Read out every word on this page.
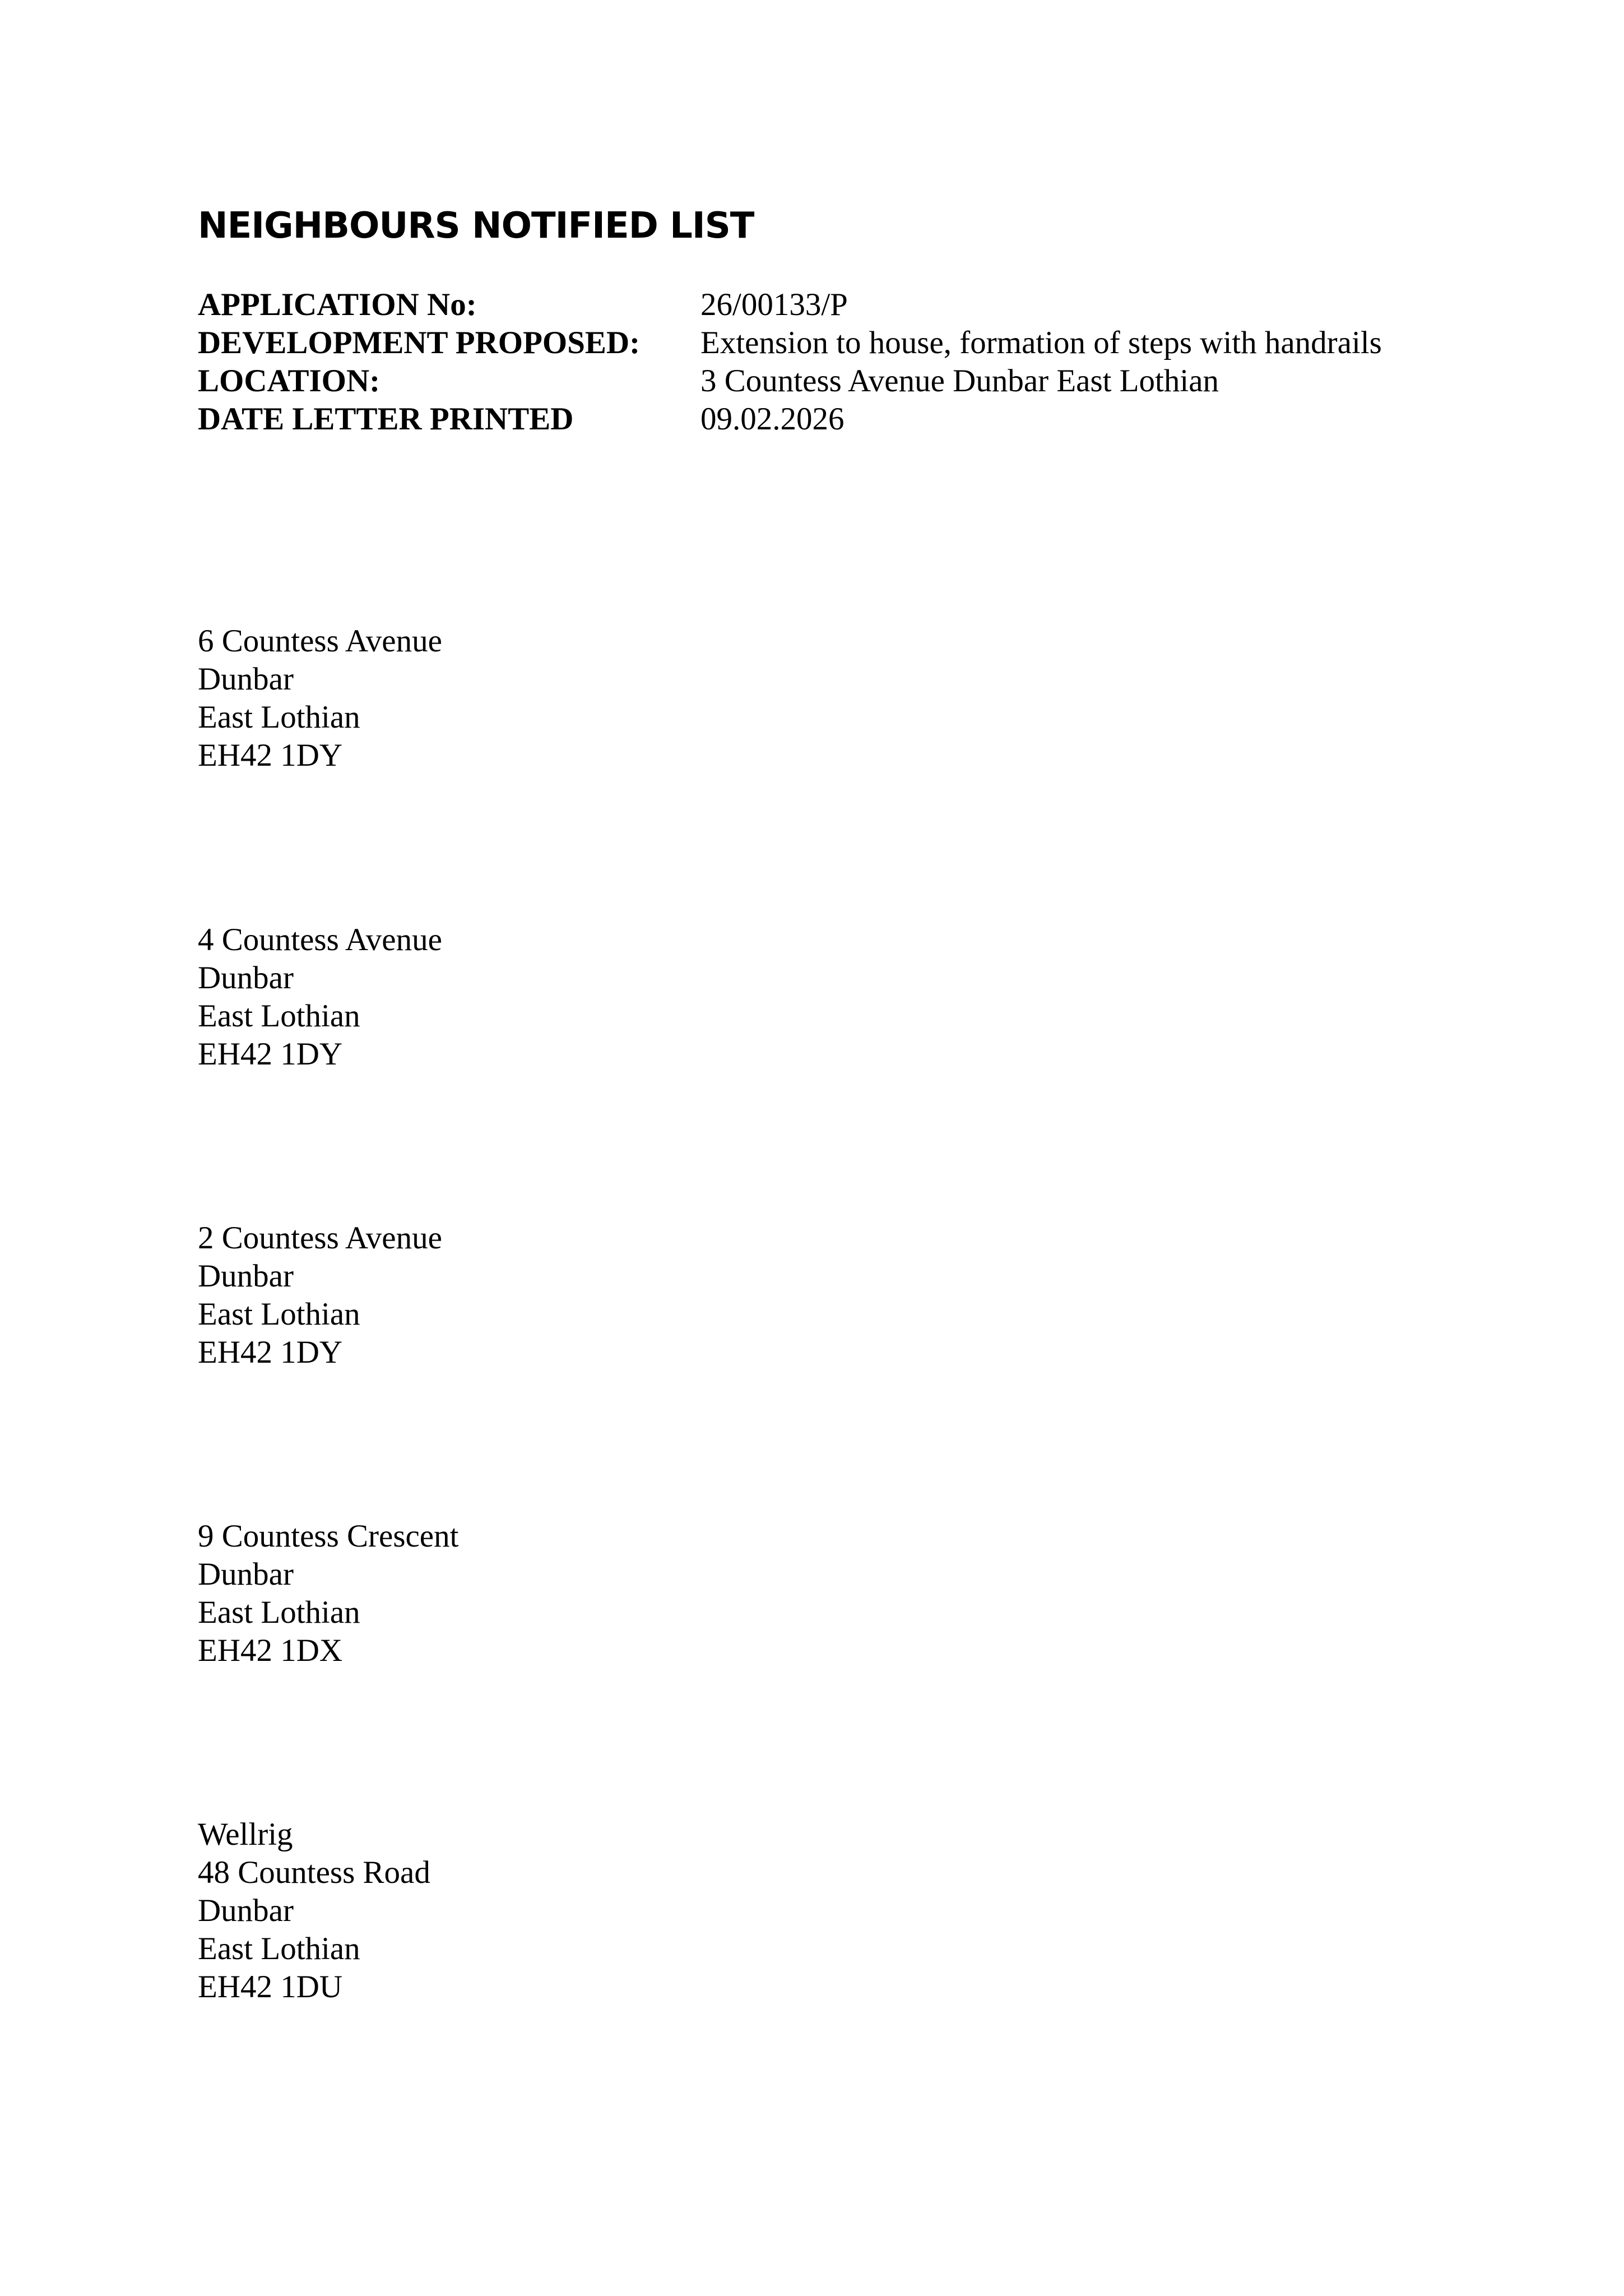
NEIGHBOURS NOTIFIED LIST
APPLICATION No:	26/00133/P
DEVELOPMENT PROPOSED:	Extension to house, formation of steps with handrails
LOCATION:	3 Countess Avenue Dunbar East Lothian
DATE LETTER PRINTED	09.02.2026
6 Countess Avenue
Dunbar
East Lothian
EH42 1DY
4 Countess Avenue
Dunbar
East Lothian
EH42 1DY
2 Countess Avenue
Dunbar
East Lothian
EH42 1DY
9 Countess Crescent
Dunbar
East Lothian
EH42 1DX
Wellrig
48 Countess Road
Dunbar
East Lothian
EH42 1DU
